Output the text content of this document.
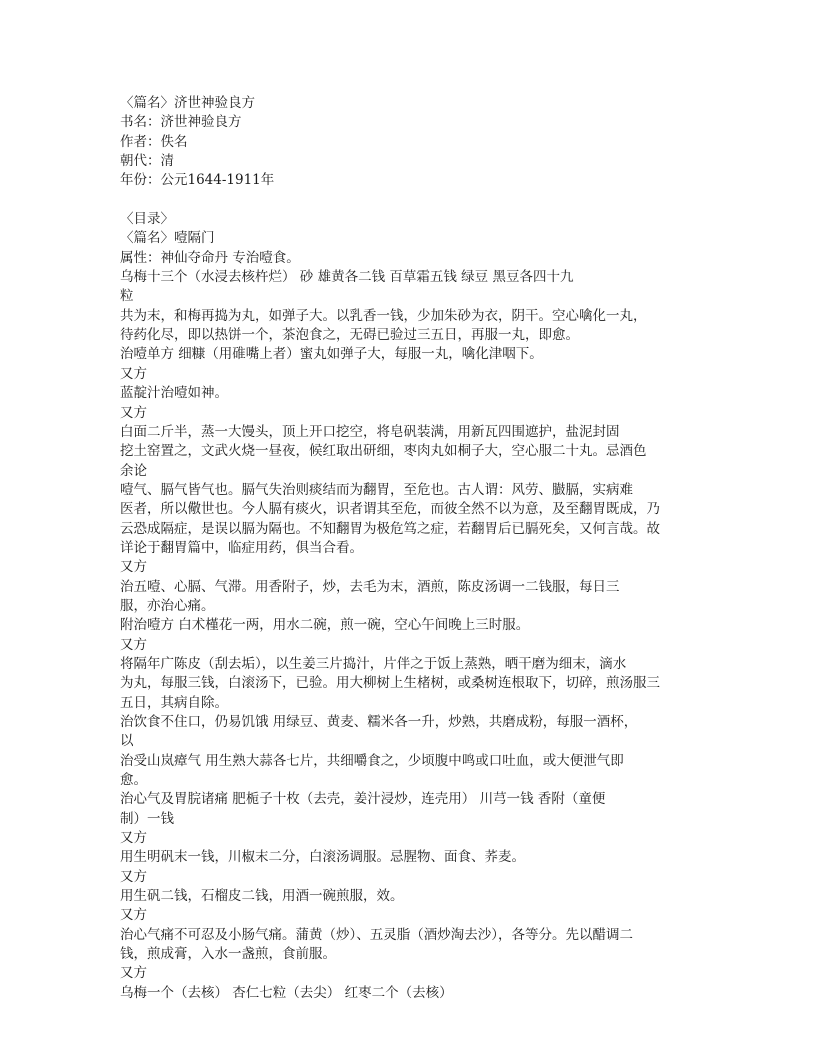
〈篇名〉济世神验良方
书名：济世神验良方
作者：佚名
朝代：清
年份：公元1644-1911年
〈目录〉
〈篇名〉噎隔门
属性：神仙夺命丹 专治噎食。
乌梅十三个（水浸去核杵烂） 砂 雄黄各二钱 百草霜五钱 绿豆 黑豆各四十九
粒
共为末，和梅再捣为丸，如弹子大。以乳香一钱，少加朱砂为衣，阴干。空心噙化一丸，
待药化尽，即以热饼一个，茶泡食之，无碍已验过三五日，再服一丸，即愈。
治噎单方 细糠（用碓嘴上者）蜜丸如弹子大，每服一丸，噙化津咽下。
又方
蓝靛汁治噎如神。
又方
白面二斤半，蒸一大馒头，顶上开口挖空，将皂矾装满，用新瓦四围遮护，盐泥封固
挖土窑置之，文武火烧一昼夜，候红取出研细，枣肉丸如桐子大，空心服二十丸。忌酒色
余论
噎气、膈气皆气也。膈气失治则痰结而为翻胃，至危也。古人谓：风劳、臌膈，实病难
医者，所以儆世也。今人膈有痰火，识者谓其至危，而彼全然不以为意，及至翻胃既成，乃
云恐成隔症，是误以膈为隔也。不知翻胃为极危笃之症，若翻胃后已膈死矣，又何言哉。故
详论于翻胃篇中，临症用药，俱当合看。
又方
治五噎、心膈、气滞。用香附子，炒，去毛为末，酒煎，陈皮汤调一二钱服，每日三
服，亦治心痛。
附治噎方 白术槿花一两，用水二碗，煎一碗，空心午间晚上三时服。
又方
将隔年广陈皮（刮去垢），以生姜三片捣汁，片伴之于饭上蒸熟，晒干磨为细末，滴水
为丸，每服三钱，白滚汤下，已验。用大柳树上生楮树，或桑树连根取下，切碎，煎汤服三
五日，其病自除。
治饮食不住口，仍易饥饿 用绿豆、黄麦、糯米各一升，炒熟，共磨成粉，每服一酒杯，
以
治受山岚瘴气 用生熟大蒜各七片，共细嚼食之，少顷腹中鸣或口吐血，或大便泄气即
愈。
治心气及胃脘诸痛 肥栀子十枚（去壳，姜汁浸炒，连壳用） 川芎一钱 香附（童便
制）一钱
又方
用生明矾末一钱，川椒末二分，白滚汤调服。忌腥物、面食、荞麦。
又方
用生矾二钱，石榴皮二钱，用酒一碗煎服，效。
又方
治心气痛不可忍及小肠气痛。蒲黄（炒）、五灵脂（酒炒淘去沙），各等分。先以醋调二
钱，煎成膏，入水一盏煎，食前服。
又方
乌梅一个（去核） 杏仁七粒（去尖） 红枣二个（去核）
